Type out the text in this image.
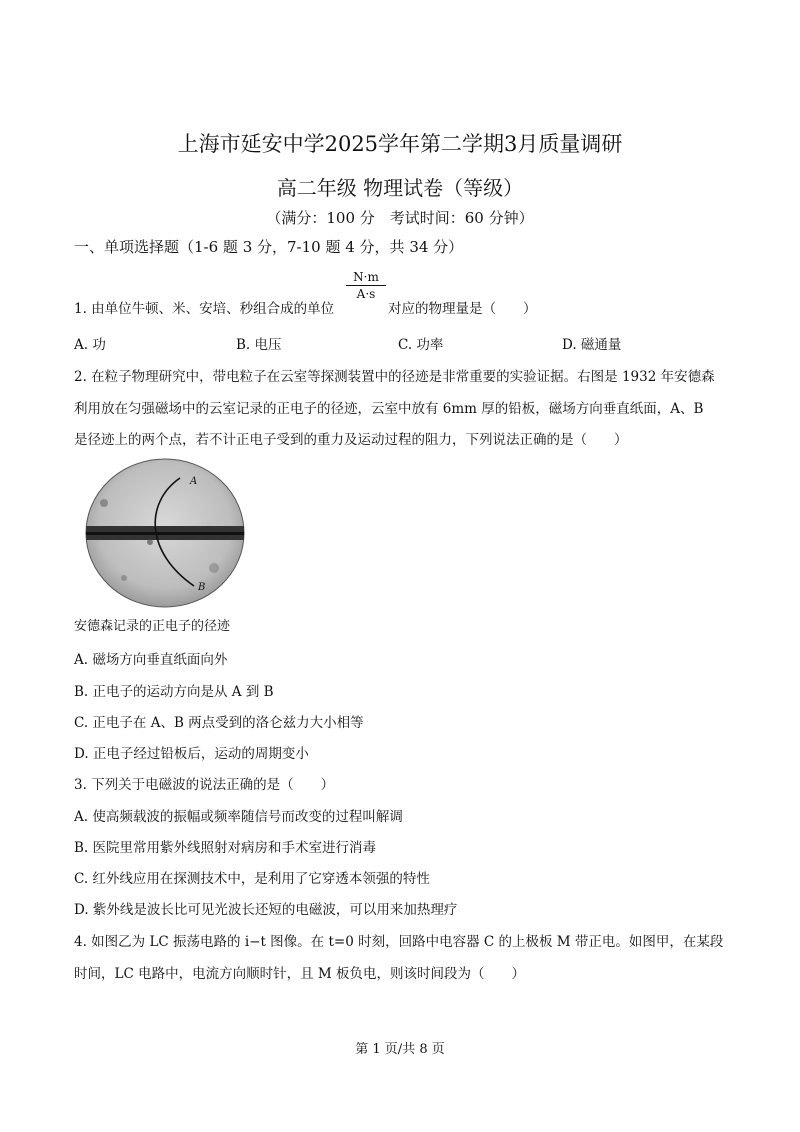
上海市延安中学2025学年第二学期3月质量调研
高二年级 物理试卷（等级）
（满分：100 分　考试时间：60 分钟）
一、单项选择题（1-6 题 3 分，7-10 题 4 分，共 34 分）
$\frac{N\cdot m}{A\cdot s}$
1. 由单位牛顿、米、安培、秒组合成的单位	对应的物理量是（　　）
A. 功	B. 电压	C. 功率	D. 磁通量
2. 在粒子物理研究中，带电粒子在云室等探测装置中的径迹是非常重要的实验证据。右图是 1932 年安德森
利用放在匀强磁场中的云室记录的正电子的径迹，云室中放有 6mm 厚的铅板，磁场方向垂直纸面，A、B
是径迹上的两个点，若不计正电子受到的重力及运动过程的阻力，下列说法正确的是（　　）
A
B
安德森记录的正电子的径迹
A. 磁场方向垂直纸面向外
B. 正电子的运动方向是从 A 到 B
C. 正电子在 A、B 两点受到的洛仑兹力大小相等
D. 正电子经过铅板后，运动的周期变小
3. 下列关于电磁波的说法正确的是（　　）
A. 使高频载波的振幅或频率随信号而改变的过程叫解调
B. 医院里常用紫外线照射对病房和手术室进行消毒
C. 红外线应用在探测技术中，是利用了它穿透本领强的特性
D. 紫外线是波长比可见光波长还短的电磁波，可以用来加热理疗
4. 如图乙为 LC 振荡电路的 i−t 图像。在 t=0 时刻，回路中电容器 C 的上极板 M 带正电。如图甲，在某段
时间，LC 电路中，电流方向顺时针，且 M 板负电，则该时间段为（　　）
第 1 页/共 8 页
